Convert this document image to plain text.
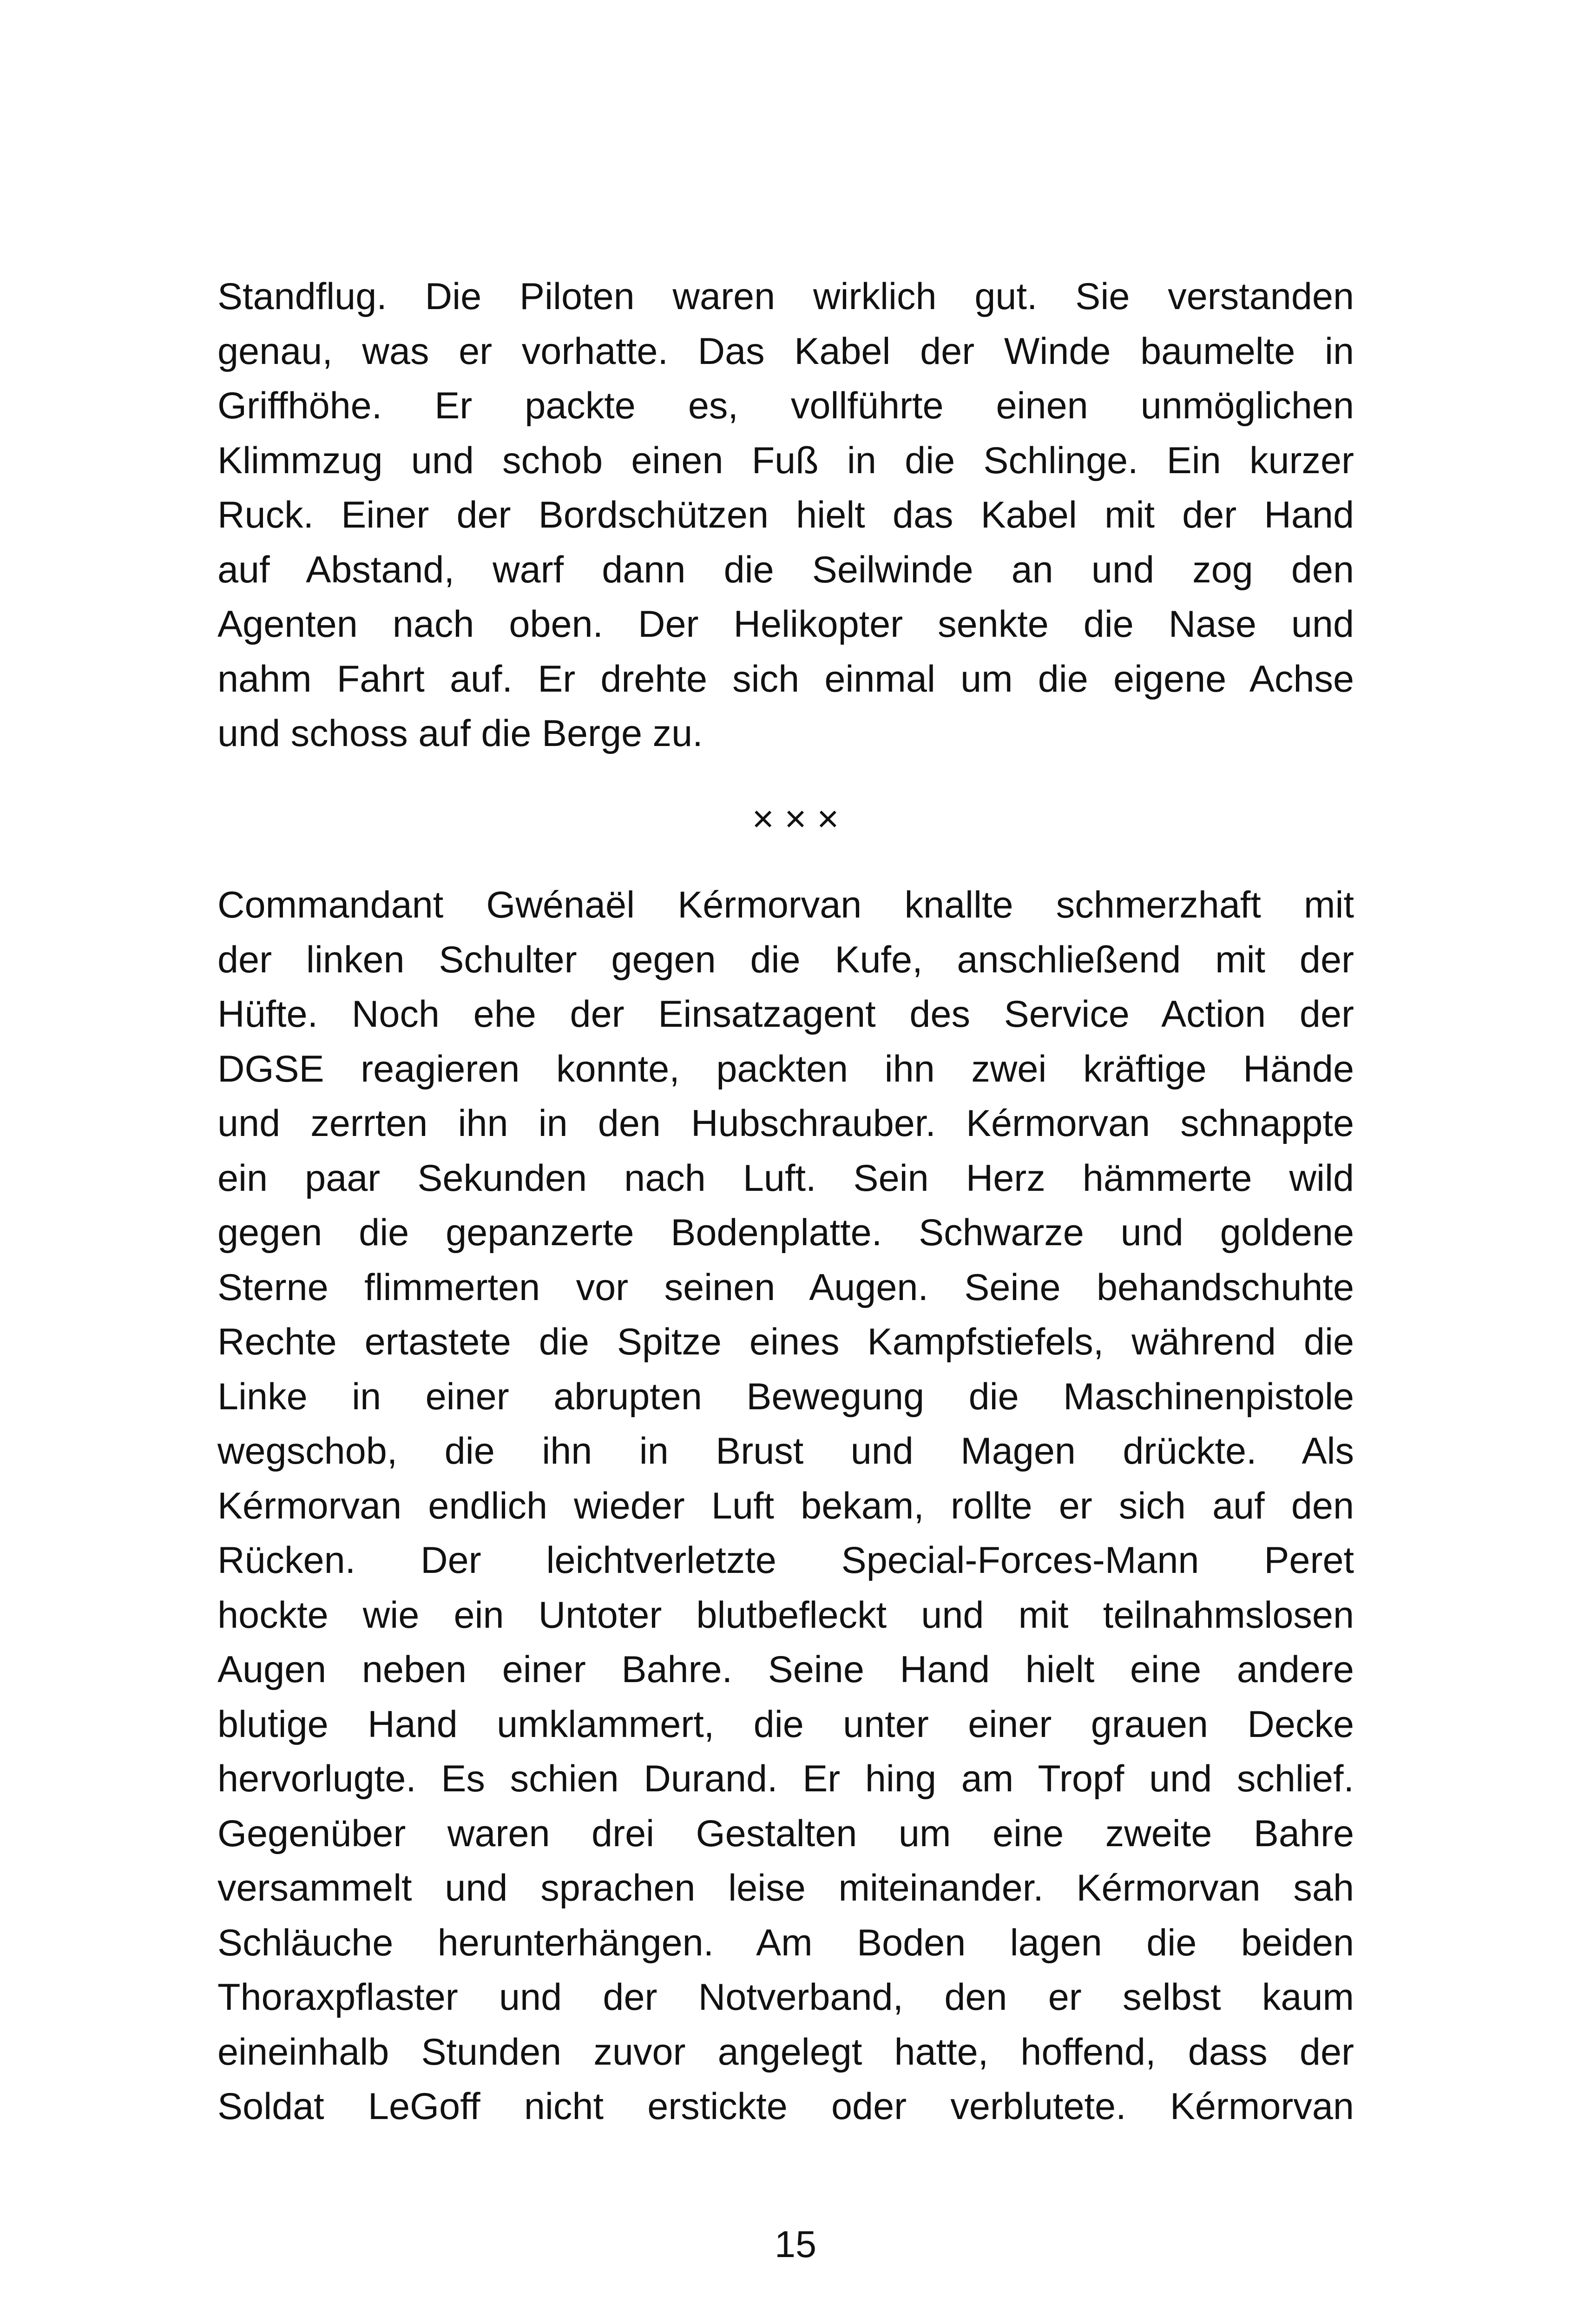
Standflug. Die Piloten waren wirklich gut. Sie verstanden
genau, was er vorhatte. Das Kabel der Winde baumelte in
Griffhöhe. Er packte es, vollführte einen unmöglichen
Klimmzug und schob einen Fuß in die Schlinge. Ein kurzer
Ruck. Einer der Bordschützen hielt das Kabel mit der Hand
auf Abstand, warf dann die Seilwinde an und zog den
Agenten nach oben. Der Helikopter senkte die Nase und
nahm Fahrt auf. Er drehte sich einmal um die eigene Achse
und schoss auf die Berge zu.
× × ×
Commandant Gwénaël Kérmorvan knallte schmerzhaft mit
der linken Schulter gegen die Kufe, anschließend mit der
Hüfte. Noch ehe der Einsatzagent des Service Action der
DGSE reagieren konnte, packten ihn zwei kräftige Hände
und zerrten ihn in den Hubschrauber. Kérmorvan schnappte
ein paar Sekunden nach Luft. Sein Herz hämmerte wild
gegen die gepanzerte Bodenplatte. Schwarze und goldene
Sterne flimmerten vor seinen Augen. Seine behandschuhte
Rechte ertastete die Spitze eines Kampfstiefels, während die
Linke in einer abrupten Bewegung die Maschinenpistole
wegschob, die ihn in Brust und Magen drückte. Als
Kérmorvan endlich wieder Luft bekam, rollte er sich auf den
Rücken. Der leichtverletzte Special-Forces-Mann Peret
hockte wie ein Untoter blutbefleckt und mit teilnahmslosen
Augen neben einer Bahre. Seine Hand hielt eine andere
blutige Hand umklammert, die unter einer grauen Decke
hervorlugte. Es schien Durand. Er hing am Tropf und schlief.
Gegenüber waren drei Gestalten um eine zweite Bahre
versammelt und sprachen leise miteinander. Kérmorvan sah
Schläuche herunterhängen. Am Boden lagen die beiden
Thoraxpflaster und der Notverband, den er selbst kaum
eineinhalb Stunden zuvor angelegt hatte, hoffend, dass der
Soldat LeGoff nicht erstickte oder verblutete. Kérmorvan
15
